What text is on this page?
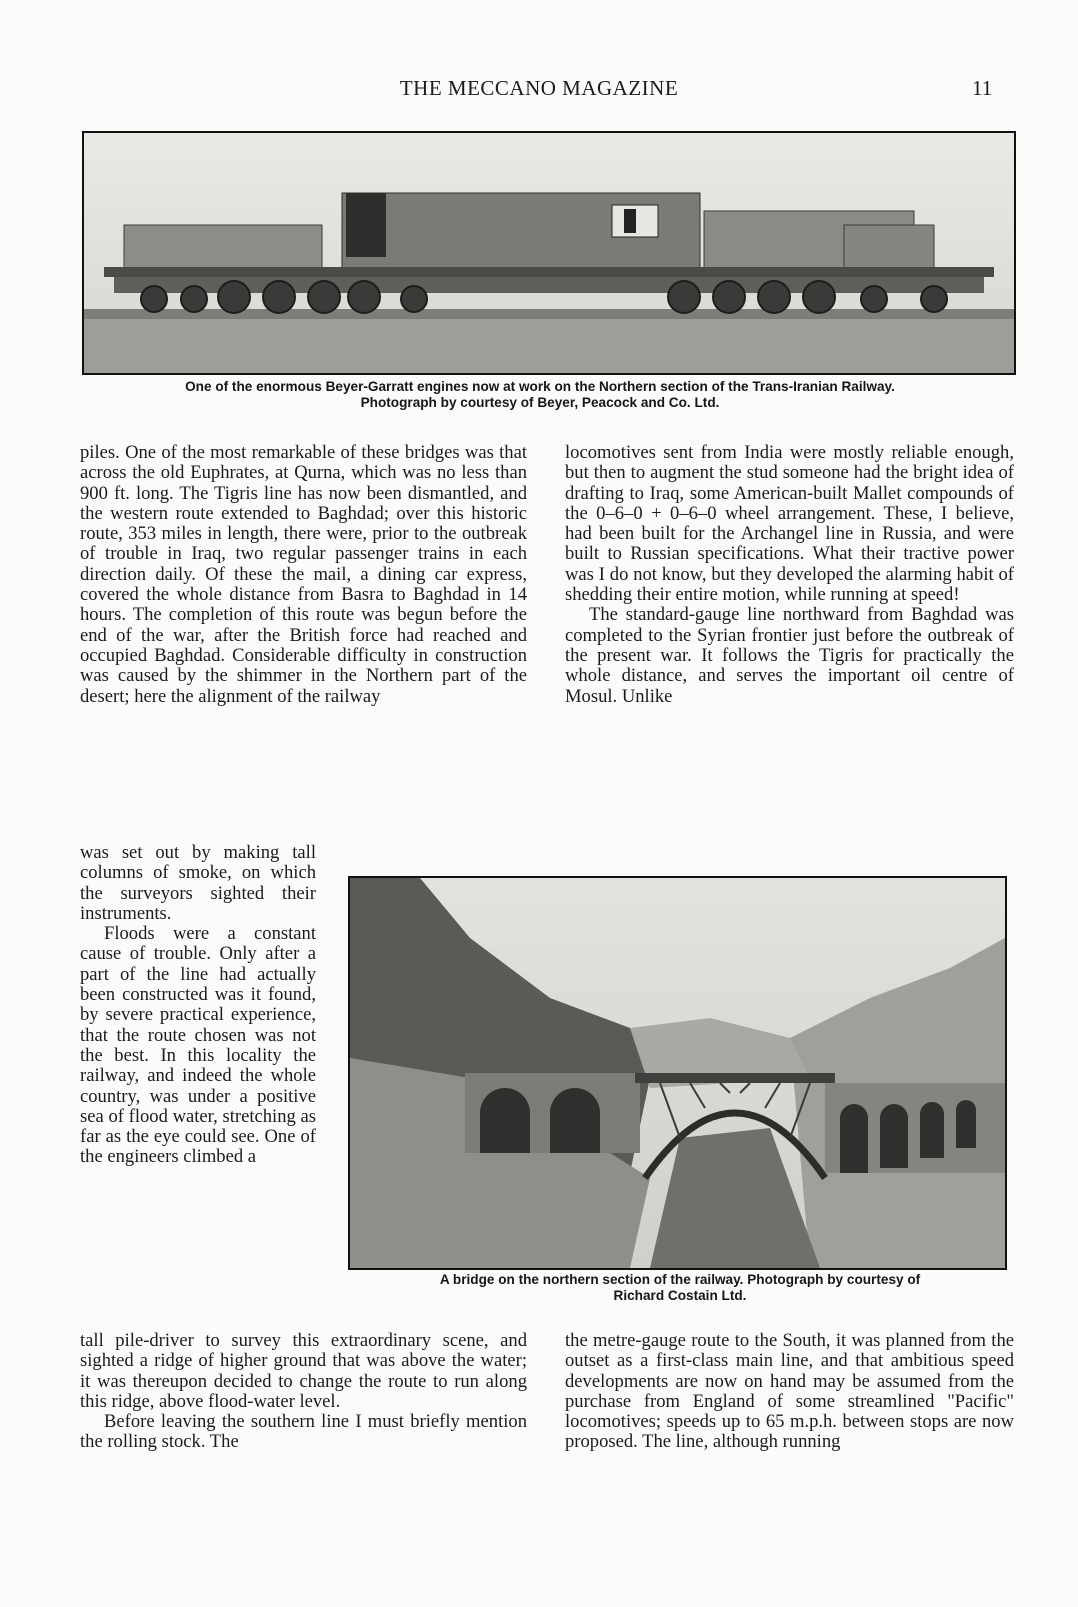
THE MECCANO MAGAZINE	11
One of the enormous Beyer-Garratt engines now at work on the Northern section of the Trans-Iranian Railway.
Photograph by courtesy of Beyer, Peacock and Co. Ltd.

piles. One of the most remarkable of these bridges was that across the old Euphrates, at Qurna, which was no less than 900 ft. long. The Tigris line has now been dismantled, and the western route extended to Baghdad; over this historic route, 353 miles in length, there were, prior to the outbreak of trouble in Iraq, two regular passenger trains in each direction daily. Of these the mail, a dining car express, covered the whole distance from Basra to Baghdad in 14 hours. The completion of this route was begun before the end of the war, after the British force had reached and occupied Baghdad. Considerable difficulty in construction was caused by the shimmer in the Northern part of the desert; here the alignment of the railway

was set out by making tall columns of smoke, on which the surveyors sighted their instruments.

Floods were a constant cause of trouble. Only after a part of the line had actually been constructed was it found, by severe practical experience, that the route chosen was not the best. In this locality the railway, and indeed the whole country, was under a positive sea of flood water, stretching as far as the eye could see. One of the engineers climbed a

tall pile-driver to survey this extraordinary scene, and sighted a ridge of higher ground that was above the water; it was thereupon decided to change the route to run along this ridge, above flood-water level.

Before leaving the southern line I must briefly mention the rolling stock. The

locomotives sent from India were mostly reliable enough, but then to augment the stud someone had the bright idea of drafting to Iraq, some American-built Mallet compounds of the 0–6–0 + 0–6–0 wheel arrangement. These, I believe, had been built for the Archangel line in Russia, and were built to Russian specifications. What their tractive power was I do not know, but they developed the alarming habit of shedding their entire motion, while running at speed!

The standard-gauge line northward from Baghdad was completed to the Syrian frontier just before the outbreak of the present war. It follows the Tigris for practically the whole distance, and serves the important oil centre of Mosul. Unlike

A bridge on the northern section of the railway. Photograph by courtesy of
Richard Costain Ltd.

the metre-gauge route to the South, it was planned from the outset as a first-class main line, and that ambitious speed developments are now on hand may be assumed from the purchase from England of some streamlined "Pacific" locomotives; speeds up to 65 m.p.h. between stops are now proposed. The line, although running
